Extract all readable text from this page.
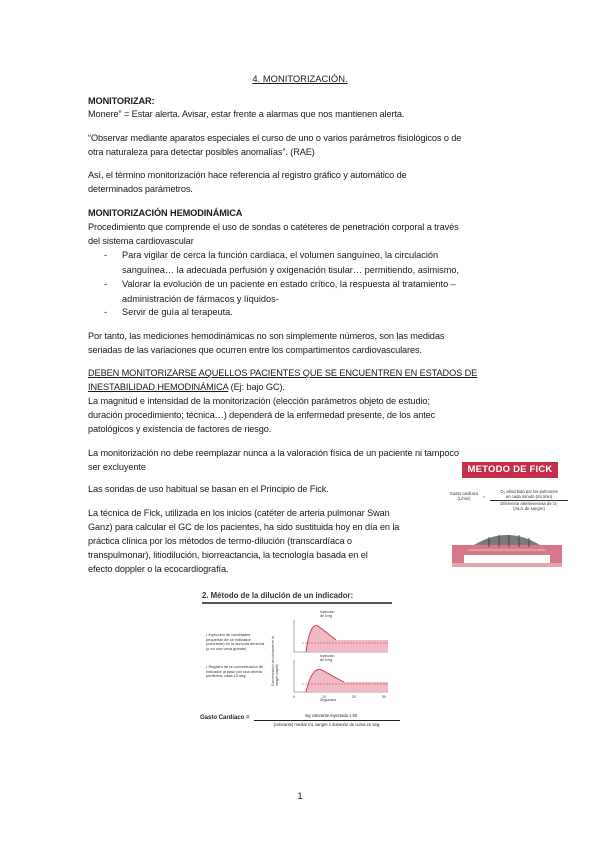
4. MONITORIZACIÓN.
MONITORIZAR:
Monere” = Estar alerta. Avisar, estar frente a alarmas que nos mantienen alerta.
“Observar mediante aparatos especiales el curso de uno o varios parámetros fisiológicos o de
otra naturaleza para detectar posibles anomalías”. (RAE)
Así, el término monitorización hace referencia al registro gráfico y automático de
determinados parámetros.
MONITORIZACIÓN HEMODINÁMICA
Procedimiento que comprende el uso de sondas o catéteres de penetración corporal a través
del sistema cardiovascular
- Para vigilar de cerca la función cardiaca, el volumen sanguíneo, la circulación
sanguínea… la adecuada perfusión y oxigenación tisular… permitiendo, asimismo,
- Valorar la evolución de un paciente en estado crítico, la respuesta al tratamiento –
administración de fármacos y líquidos-
- Servir de guía al terapeuta.
Por tanto, las mediciones hemodinámicas no son simplemente números, son las medidas
seriadas de las variaciones que ocurren entre los compartimentos cardiovasculares.
DEBEN MONITORIZARSE AQUELLOS PACIENTES QUE SE ENCUENTREN EN ESTADOS DE
INESTABILIDAD HEMODINÁMICA (Ej: bajo GC).
La magnitud e intensidad de la monitorización (elección parámetros objeto de estudio;
duración procedimiento; técnica…) dependerá de la enfermedad presente, de los antec
patológicos y existencia de factores de riesgo.
La monitorización no debe reemplazar nunca a la valoración física de un paciente ni tampoco
ser excluyente
Las sondas de uso habitual se basan en el Principio de Fick.
La técnica de Fick, utilizada en los inicios (catéter de arteria pulmonar Swan
Ganz) para calcular el GC de los pacientes, ha sido sustituida hoy en día en la
práctica clínica por los métodos de termo-dilución (transcardíaca o
transpulmonar), litiodilución, biorreactancia, la tecnología basada en el
efecto doppler o la ecocardiografía.
METODO DE FICK
Gasto cardíaco
(L/min)	=
O₂ absorbido por los pulmones
en cada minuto (mL/min)
Diferencia arteriovenosa de O₂
(mL/L de sangre)
2. Método de la dilución de un indicador:
• Inyección de cantidades
pequeñas de un indicador
(colorante) en la aurícula derecha
(o en una vena grande)
• Registro de la concentración de
indicador al paso por una arteria
periférica: cada 10 seg.
Inyección
de 5 mg
Inyección
de 5 mg
0	10	20	30
Concentración de colorante en la sangre (mg/dl)
Segundos
Gasto Cardíaco =	mg colorante inyectado x 60
[colorante] media/ mL sangre x duración de curva en seg.
1
